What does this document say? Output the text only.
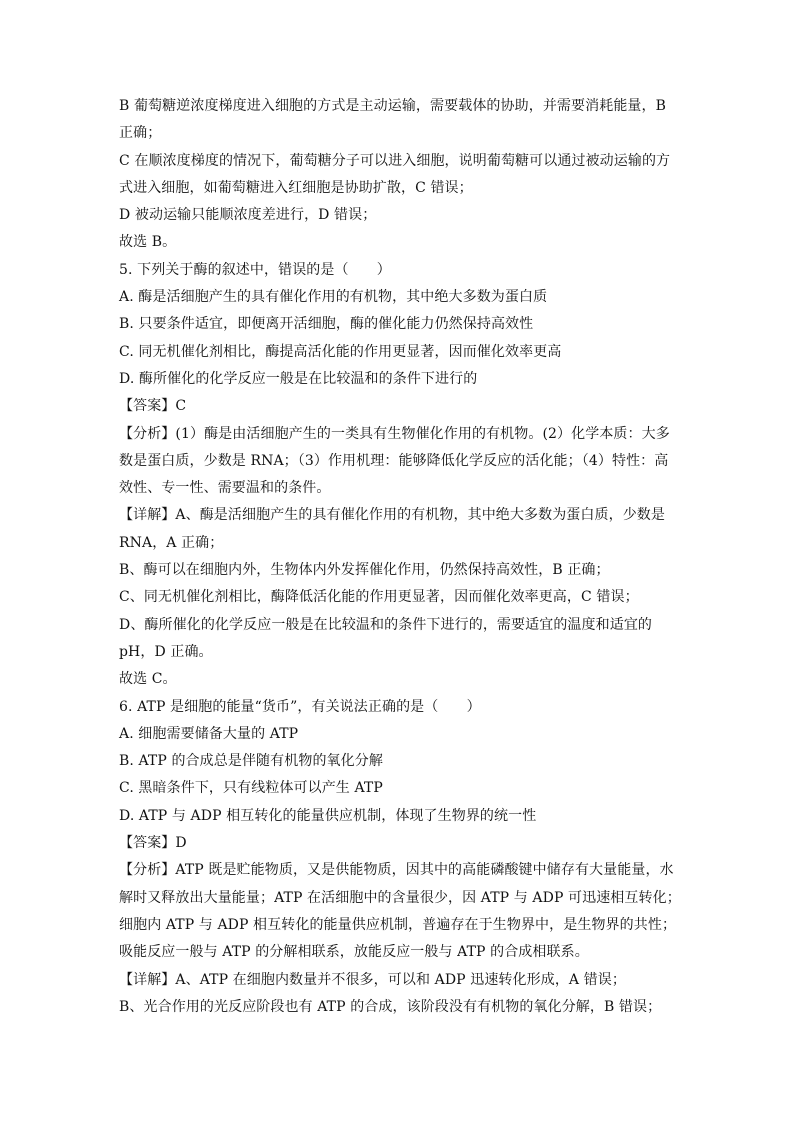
B 葡萄糖逆浓度梯度进入细胞的方式是主动运输，需要载体的协助，并需要消耗能量，B
正确；
C 在顺浓度梯度的情况下，葡萄糖分子可以进入细胞，说明葡萄糖可以通过被动运输的方
式进入细胞，如葡萄糖进入红细胞是协助扩散，C 错误；
D 被动运输只能顺浓度差进行，D 错误；
故选 B。
5. 下列关于酶的叙述中，错误的是（　　）
A. 酶是活细胞产生的具有催化作用的有机物，其中绝大多数为蛋白质
B. 只要条件适宜，即便离开活细胞，酶的催化能力仍然保持高效性
C. 同无机催化剂相比，酶提高活化能的作用更显著，因而催化效率更高
D. 酶所催化的化学反应一般是在比较温和的条件下进行的
【答案】C
【分析】(1）酶是由活细胞产生的一类具有生物催化作用的有机物。(2）化学本质：大多
数是蛋白质，少数是 RNA；（3）作用机理：能够降低化学反应的活化能；（4）特性：高
效性、专一性、需要温和的条件。
【详解】A、酶是活细胞产生的具有催化作用的有机物，其中绝大多数为蛋白质，少数是
RNA，A 正确；
B、酶可以在细胞内外，生物体内外发挥催化作用，仍然保持高效性，B 正确；
C、同无机催化剂相比，酶降低活化能的作用更显著，因而催化效率更高，C 错误；
D、酶所催化的化学反应一般是在比较温和的条件下进行的，需要适宜的温度和适宜的
pH，D 正确。
故选 C。
6. ATP 是细胞的能量“货币”，有关说法正确的是（　　）
A. 细胞需要储备大量的 ATP
B. ATP 的合成总是伴随有机物的氧化分解
C. 黑暗条件下，只有线粒体可以产生 ATP
D. ATP 与 ADP 相互转化的能量供应机制，体现了生物界的统一性
【答案】D
【分析】ATP 既是贮能物质，又是供能物质，因其中的高能磷酸键中储存有大量能量，水
解时又释放出大量能量；ATP 在活细胞中的含量很少，因 ATP 与 ADP 可迅速相互转化；
细胞内 ATP 与 ADP 相互转化的能量供应机制，普遍存在于生物界中，是生物界的共性；
吸能反应一般与 ATP 的分解相联系，放能反应一般与 ATP 的合成相联系。
【详解】A、ATP 在细胞内数量并不很多，可以和 ADP 迅速转化形成，A 错误；
B、光合作用的光反应阶段也有 ATP 的合成，该阶段没有有机物的氧化分解，B 错误；
